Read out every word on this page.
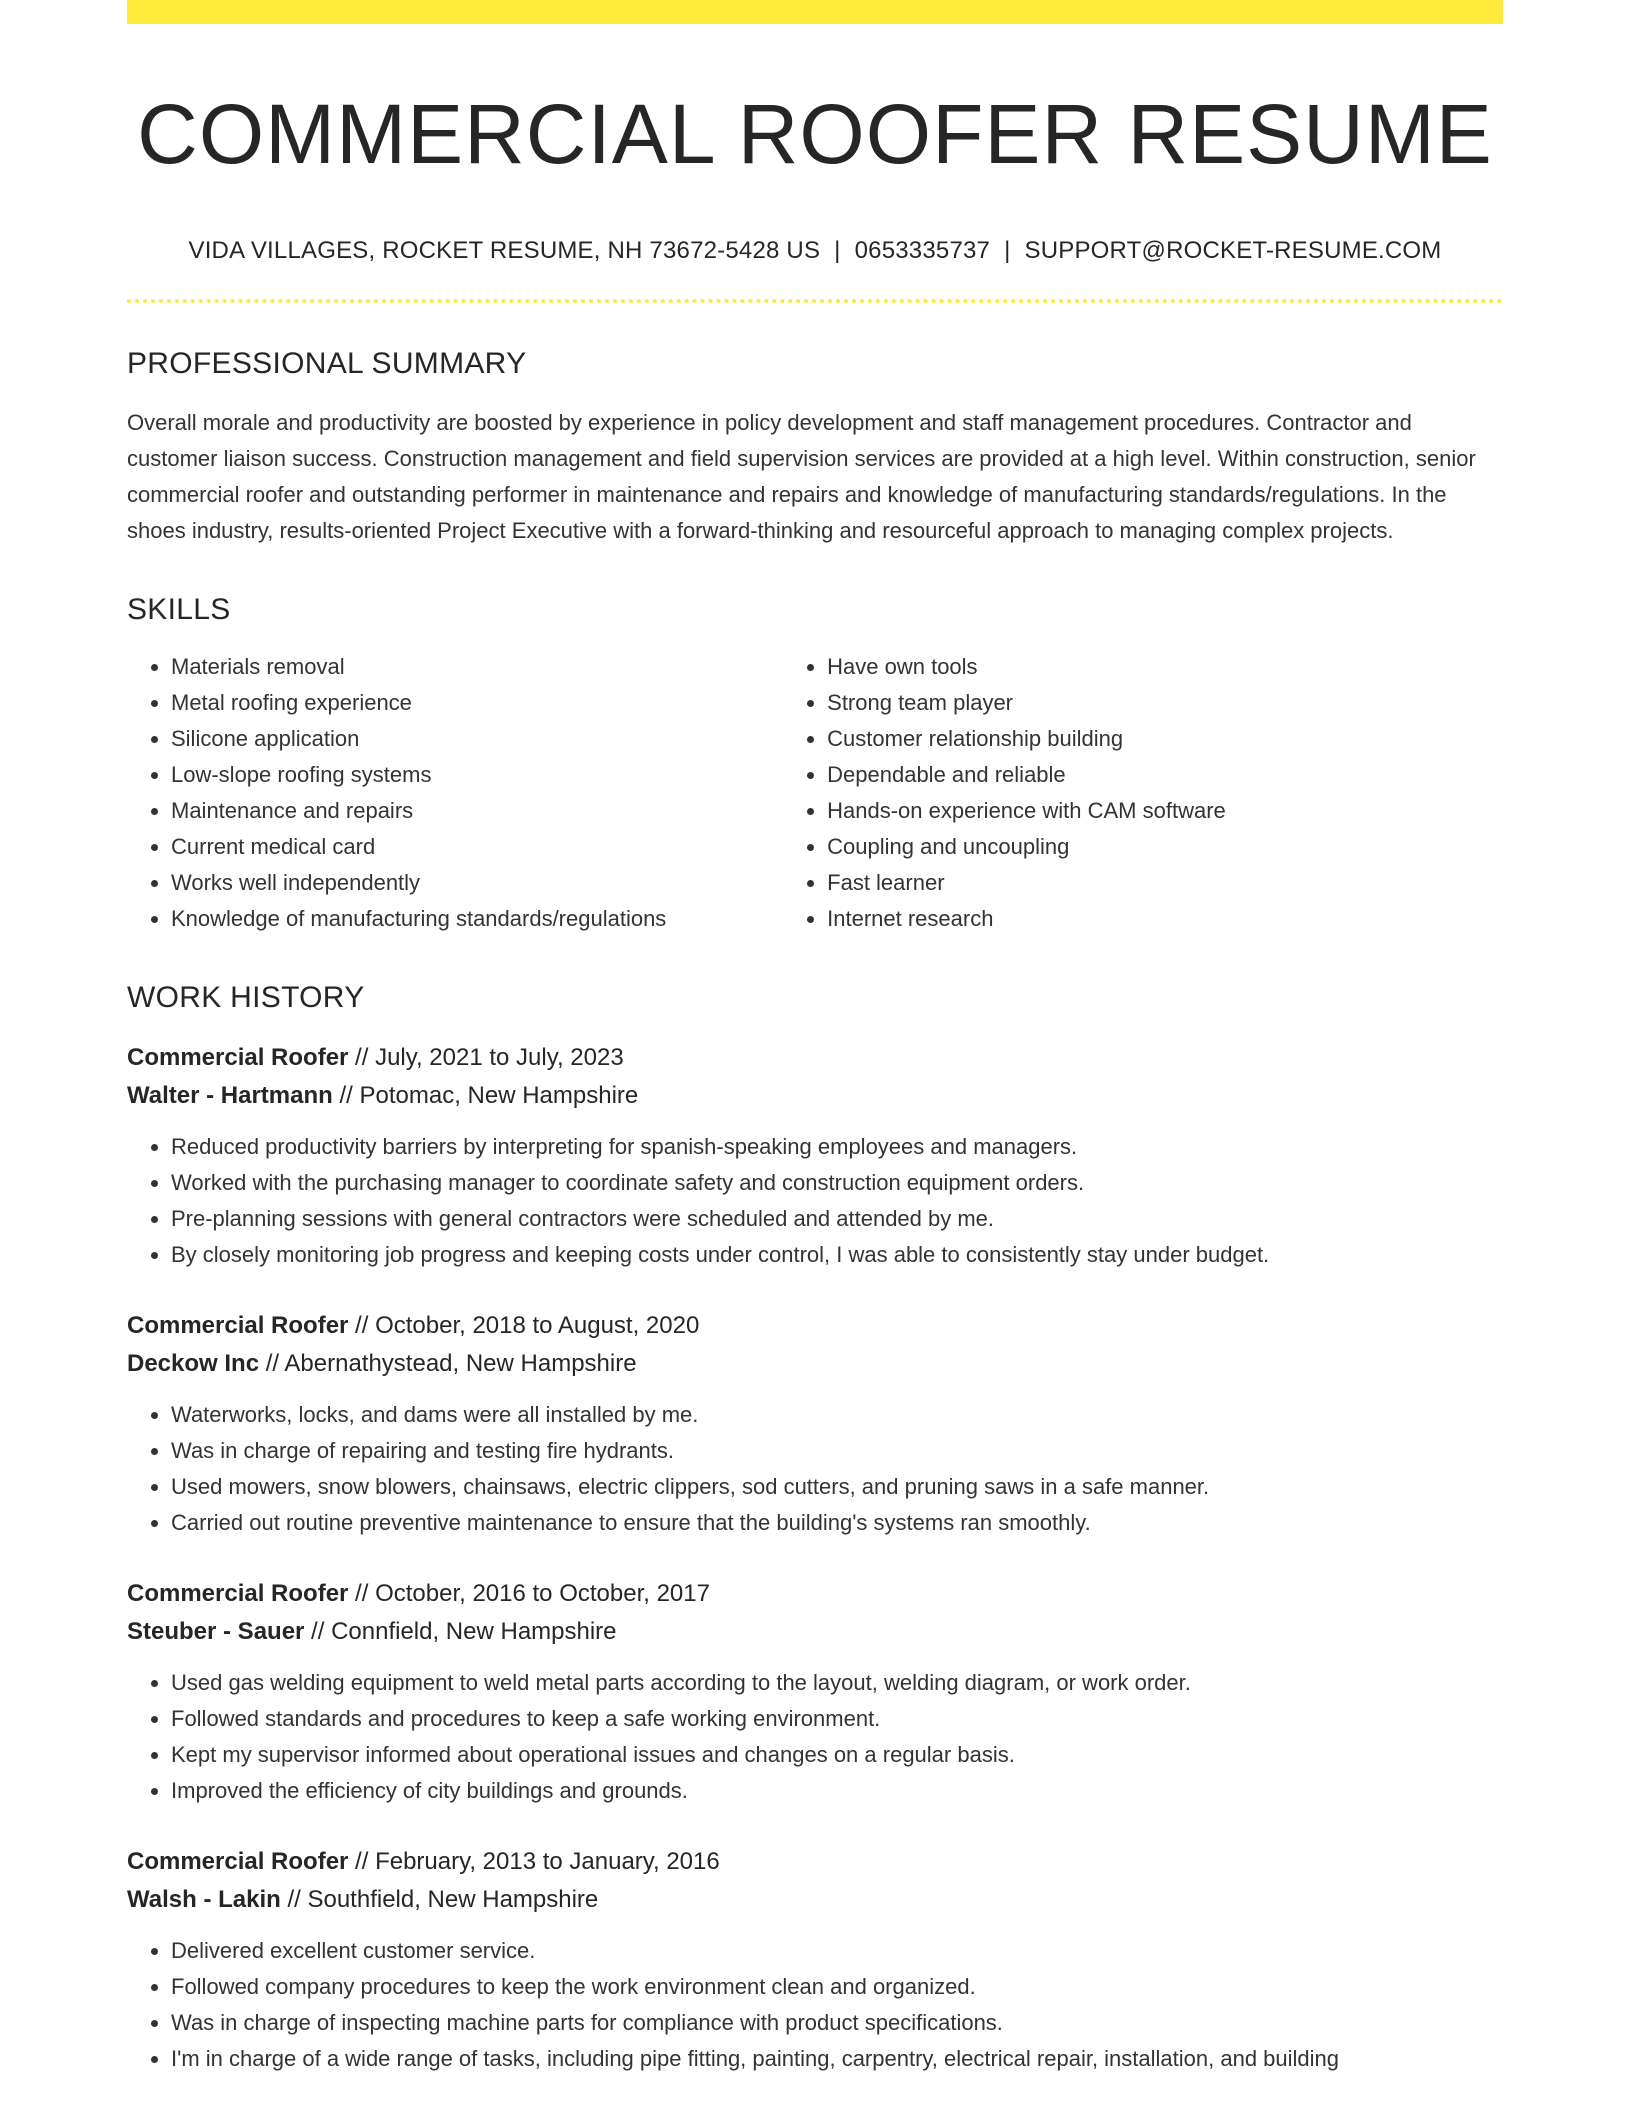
COMMERCIAL ROOFER RESUME
VIDA VILLAGES, ROCKET RESUME, NH 73672-5428 US | 0653335737 | SUPPORT@ROCKET-RESUME.COM
PROFESSIONAL SUMMARY
Overall morale and productivity are boosted by experience in policy development and staff management procedures. Contractor and customer liaison success. Construction management and field supervision services are provided at a high level. Within construction, senior commercial roofer and outstanding performer in maintenance and repairs and knowledge of manufacturing standards/regulations. In the shoes industry, results-oriented Project Executive with a forward-thinking and resourceful approach to managing complex projects.
SKILLS
• Materials removal
• Metal roofing experience
• Silicone application
• Low-slope roofing systems
• Maintenance and repairs
• Current medical card
• Works well independently
• Knowledge of manufacturing standards/regulations
• Have own tools
• Strong team player
• Customer relationship building
• Dependable and reliable
• Hands-on experience with CAM software
• Coupling and uncoupling
• Fast learner
• Internet research
WORK HISTORY
Commercial Roofer // July, 2021 to July, 2023
Walter - Hartmann // Potomac, New Hampshire
• Reduced productivity barriers by interpreting for spanish-speaking employees and managers.
• Worked with the purchasing manager to coordinate safety and construction equipment orders.
• Pre-planning sessions with general contractors were scheduled and attended by me.
• By closely monitoring job progress and keeping costs under control, I was able to consistently stay under budget.
Commercial Roofer // October, 2018 to August, 2020
Deckow Inc // Abernathystead, New Hampshire
• Waterworks, locks, and dams were all installed by me.
• Was in charge of repairing and testing fire hydrants.
• Used mowers, snow blowers, chainsaws, electric clippers, sod cutters, and pruning saws in a safe manner.
• Carried out routine preventive maintenance to ensure that the building's systems ran smoothly.
Commercial Roofer // October, 2016 to October, 2017
Steuber - Sauer // Connfield, New Hampshire
• Used gas welding equipment to weld metal parts according to the layout, welding diagram, or work order.
• Followed standards and procedures to keep a safe working environment.
• Kept my supervisor informed about operational issues and changes on a regular basis.
• Improved the efficiency of city buildings and grounds.
Commercial Roofer // February, 2013 to January, 2016
Walsh - Lakin // Southfield, New Hampshire
• Delivered excellent customer service.
• Followed company procedures to keep the work environment clean and organized.
• Was in charge of inspecting machine parts for compliance with product specifications.
• I'm in charge of a wide range of tasks, including pipe fitting, painting, carpentry, electrical repair, installation, and building
